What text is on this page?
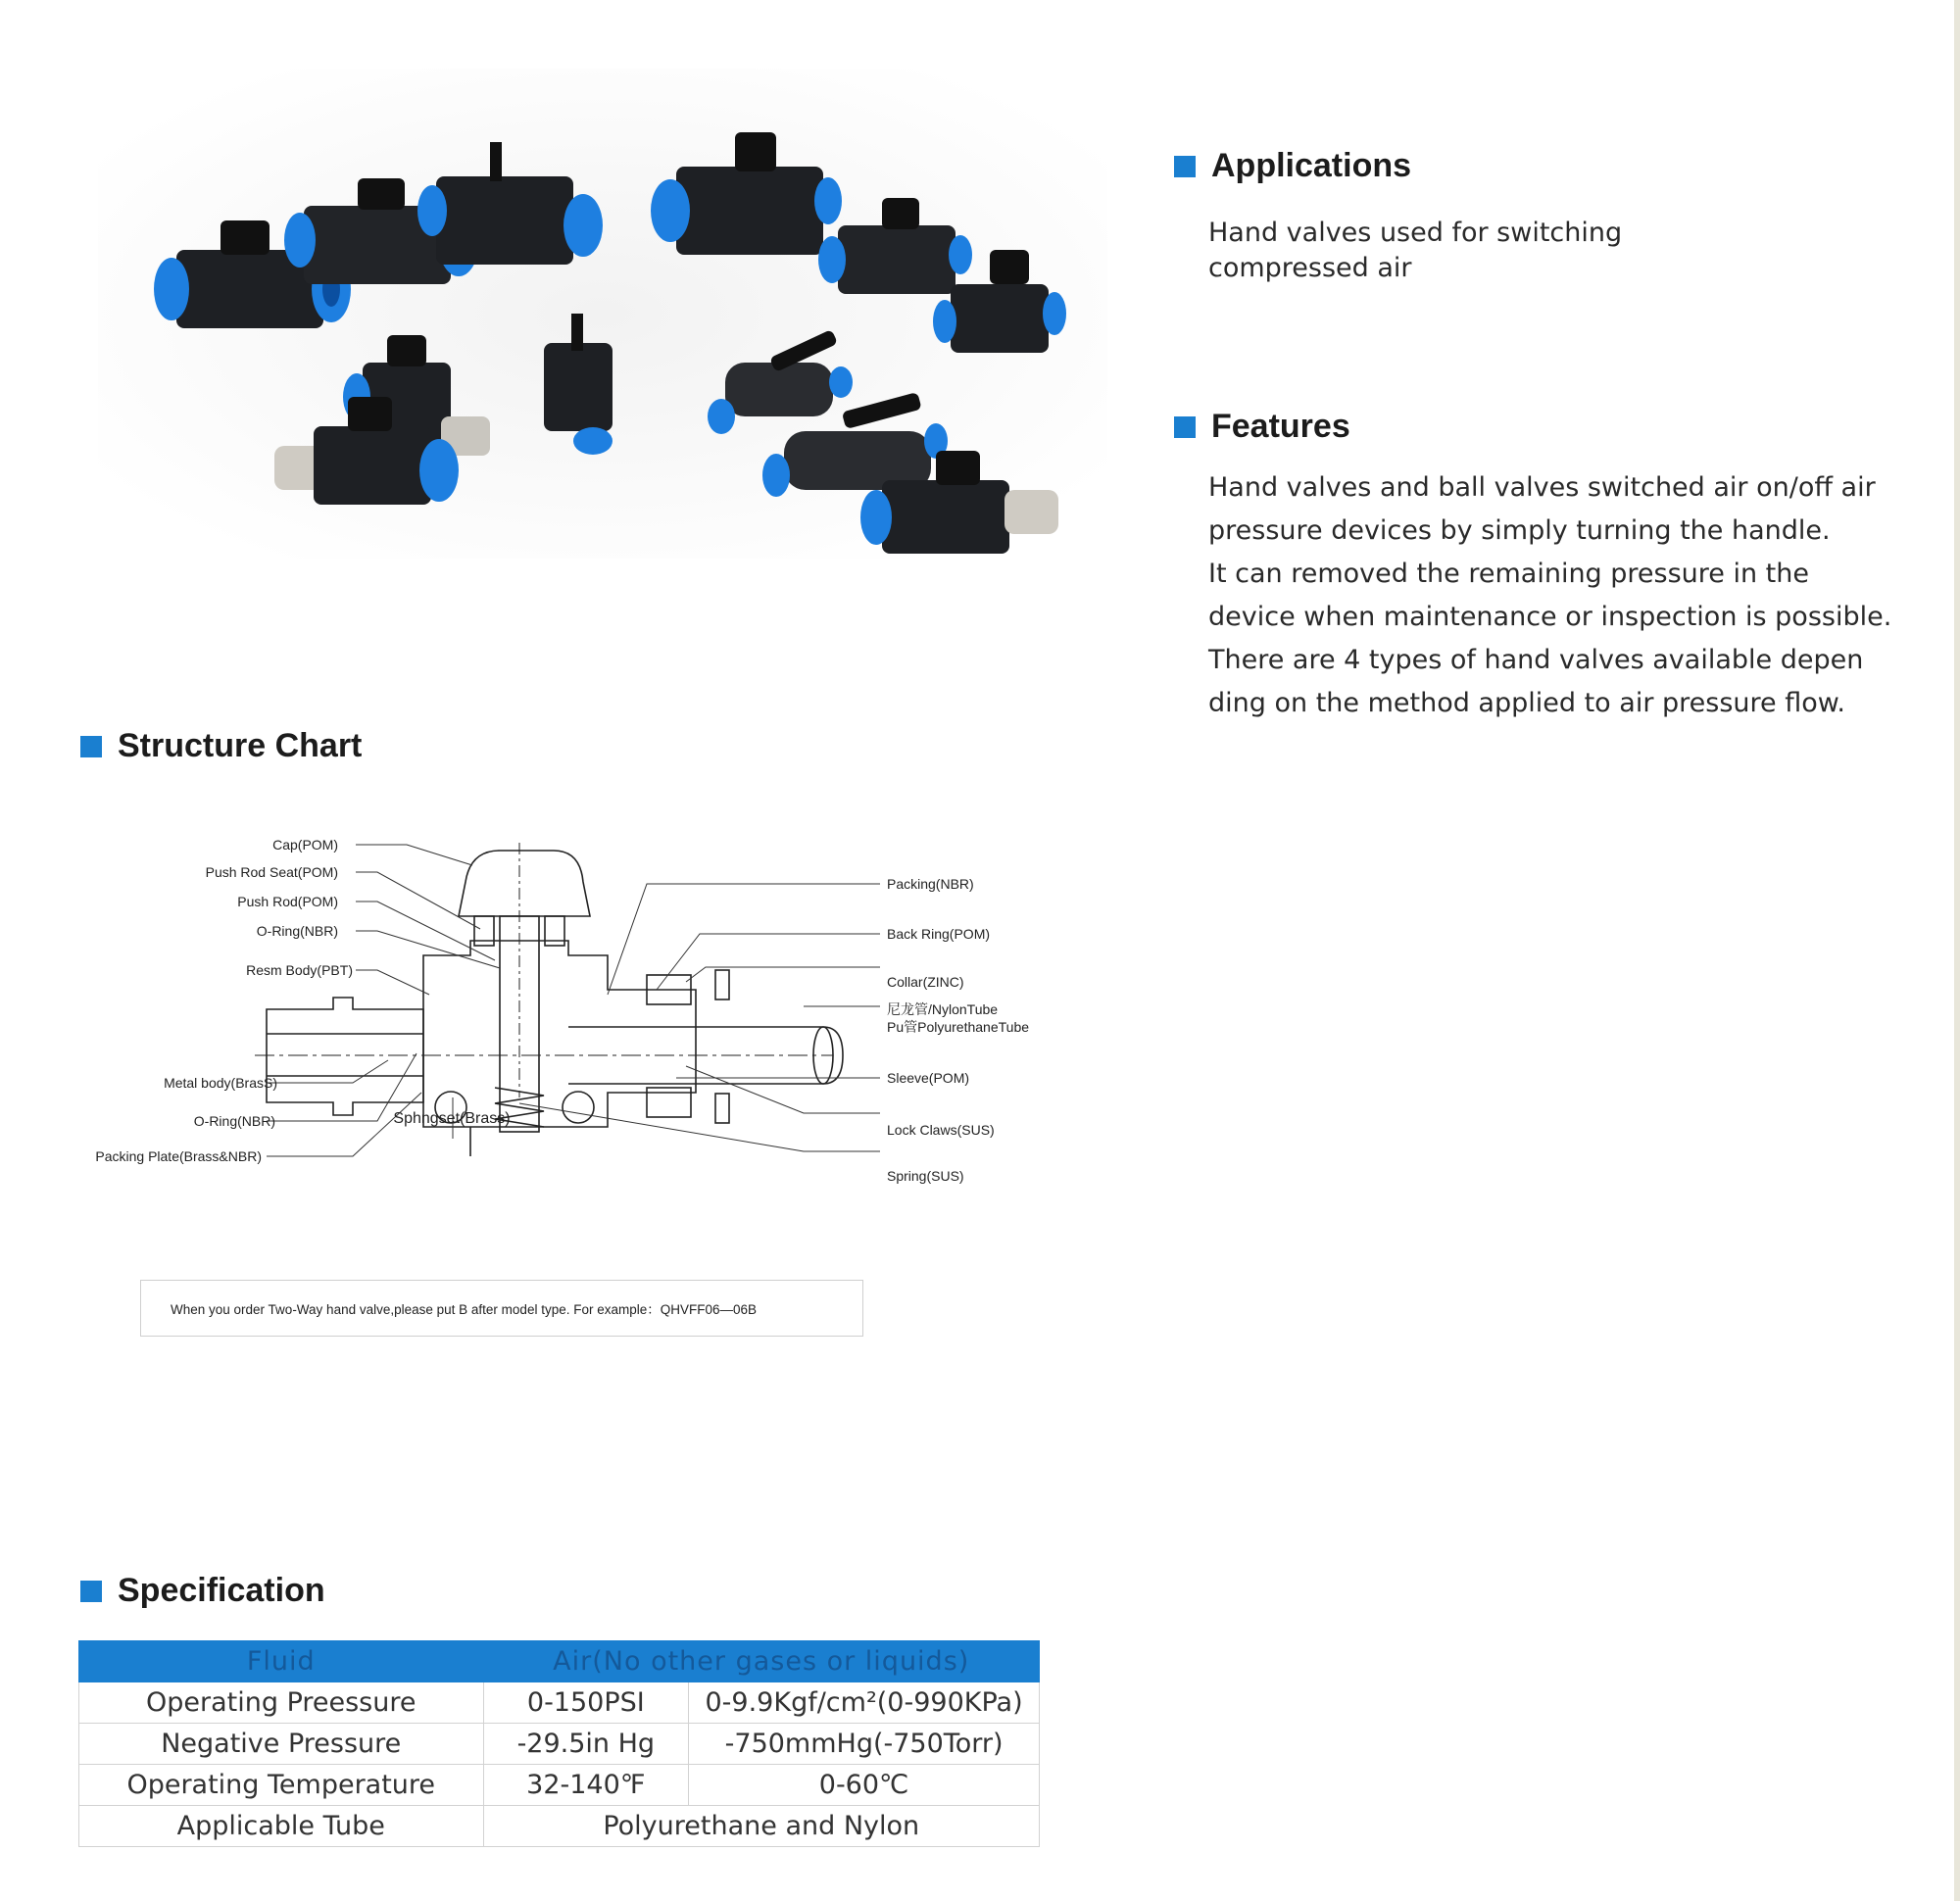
Applications
Hand valves used for switching
compressed air
Features
Hand valves and ball valves switched air on/off air
pressure devices by simply turning the handle.
It can removed the remaining pressure in the
device when maintenance or inspection is possible.
There are 4 types of hand valves available depen
ding on the method applied to air pressure flow.
Structure Chart
Cap(POM)
Push Rod Seat(POM)
Push Rod(POM)
O-Ring(NBR)
Resm Body(PBT)
Metal body(BrasS)
O-Ring(NBR)
Packing Plate(Brass&NBR)
Sphngset(Brass)
Packing(NBR)
Back Ring(POM)
Collar(ZINC)
尼龙管/NylonTube
Pu管PolyurethaneTube
Sleeve(POM)
Lock Claws(SUS)
Spring(SUS)
When you order Two-Way hand valve,please put B after model type. For example：QHVFF06—06B
Specification
Fluid	Air(No other gases or liquids)	
Operating Preessure	0-150PSI	0-9.9Kgf/cm²(0-990KPa)
Negative Pressure	-29.5in Hg	-750mmHg(-750Torr)
Operating Temperature	32-140℉	0-60℃
Applicable Tube	Polyurethane and Nylon	
